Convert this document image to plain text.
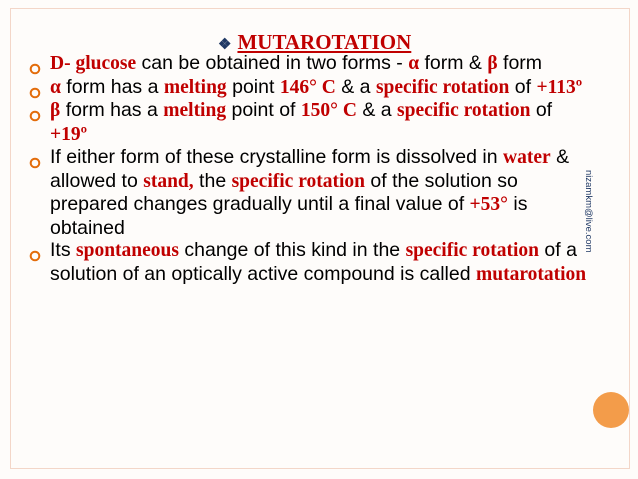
❖ MUTAROTATION

D- glucose can be obtained in two forms - α form & β form

α form has a melting point 146° C & a specific rotation of +113º

β form has a melting point of 150° C & a specific rotation of +19º

If either form of these crystalline form is dissolved in water & allowed to stand, the specific rotation of the solution so prepared changes gradually until a final value of +53° is obtained

Its spontaneous change of this kind in the specific rotation of a solution of an optically active compound is called mutarotation

nizamkm@live.com
